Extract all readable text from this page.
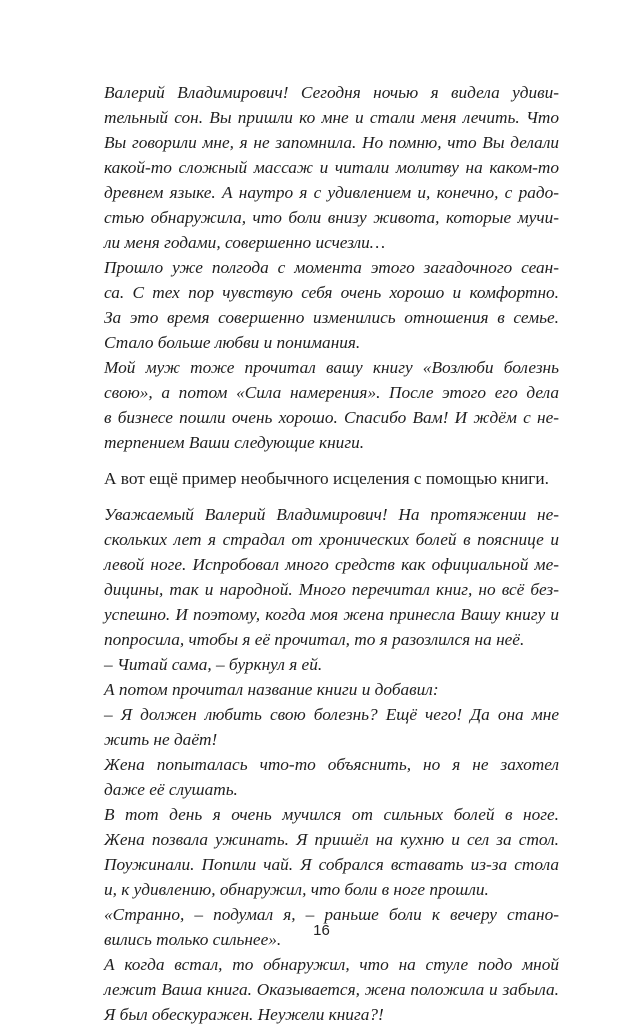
Валерий Владимирович! Сегодня ночью я видела удиви-
тельный сон. Вы пришли ко мне и стали меня лечить. Что
Вы говорили мне, я не запомнила. Но помню, что Вы делали
какой-то сложный массаж и читали молитву на каком-то
древнем языке. А наутро я с удивлением и, конечно, с радо-
стью обнаружила, что боли внизу живота, которые мучи-
ли меня годами, совершенно исчезли…

Прошло уже полгода с момента этого загадочного сеан-
са. С тех пор чувствую себя очень хорошо и комфортно.
За это время совершенно изменились отношения в семье.
Стало больше любви и понимания.

Мой муж тоже прочитал вашу книгу «Возлюби болезнь
свою», а потом «Сила намерения». После этого его дела
в бизнесе пошли очень хорошо. Спасибо Вам! И ждём с не-
терпением Ваши следующие книги.

А вот ещё пример необычного исцеления с помощью книги.

Уважаемый Валерий Владимирович! На протяжении не-
скольких лет я страдал от хронических болей в пояснице и
левой ноге. Испробовал много средств как официальной ме-
дицины, так и народной. Много перечитал книг, но всё без-
успешно. И поэтому, когда моя жена принесла Вашу книгу и
попросила, чтобы я её прочитал, то я разозлился на неё.

– Читай сама, – буркнул я ей.

А потом прочитал название книги и добавил:

– Я должен любить свою болезнь? Ещё чего! Да она мне
жить не даёт!

Жена попыталась что-то объяснить, но я не захотел
даже её слушать.

В тот день я очень мучился от сильных болей в ноге.
Жена позвала ужинать. Я пришёл на кухню и сел за стол.
Поужинали. Попили чай. Я собрался вставать из-за стола
и, к удивлению, обнаружил, что боли в ноге прошли.

«Странно, – подумал я, – раньше боли к вечеру стано-
вились только сильнее».

А когда встал, то обнаружил, что на стуле подо мной
лежит Ваша книга. Оказывается, жена положила и забыла.
Я был обескуражен. Неужели книга?!

16
